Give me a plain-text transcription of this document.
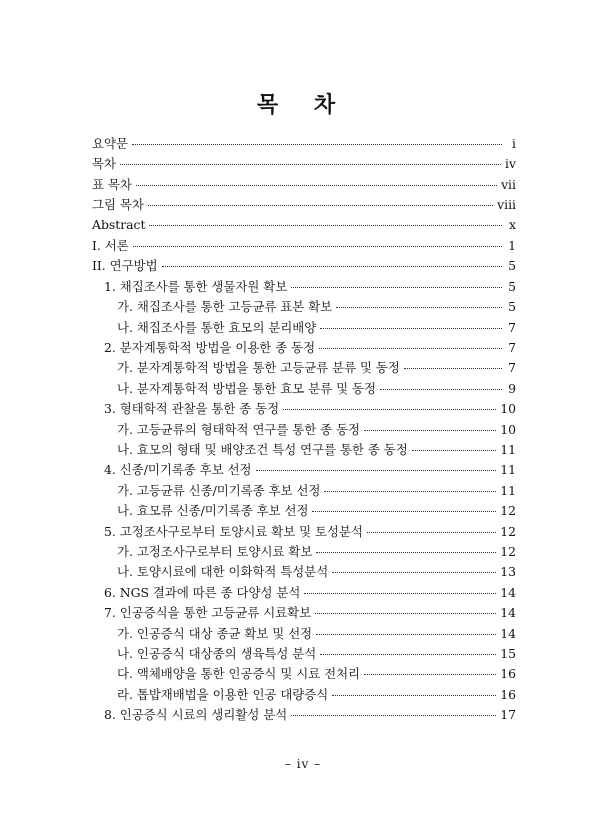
목 차
요약문	i
목차	iv
표 목차	vii
그림 목차	viii
Abstract	x
I. 서론	1
II. 연구방법	5
1. 채집조사를 통한 생물자원 확보	5
가. 채집조사를 통한 고등균류 표본 확보	5
나. 채집조사를 통한 효모의 분리배양	7
2. 분자계통학적 방법을 이용한 종 동정	7
가. 분자계통학적 방법을 통한 고등균류 분류 및 동정	7
나. 분자계통학적 방법을 통한 효모 분류 및 동정	9
3. 형태학적 관찰을 통한 종 동정	10
가. 고등균류의 형태학적 연구를 통한 종 동정	10
나. 효모의 형태 및 배양조건 특성 연구를 통한 종 동정	11
4. 신종/미기록종 후보 선정	11
가. 고등균류 신종/미기록종 후보 선정	11
나. 효모류 신종/미기록종 후보 선정	12
5. 고정조사구로부터 토양시료 확보 및 토성분석	12
가. 고정조사구로부터 토양시료 확보	12
나. 토양시료에 대한 이화학적 특성분석	13
6. NGS 결과에 따른 종 다양성 분석	14
7. 인공증식을 통한 고등균류 시료확보	14
가. 인공증식 대상 종균 확보 및 선정	14
나. 인공증식 대상종의 생육특성 분석	15
다. 액체배양을 통한 인공증식 및 시료 전처리	16
라. 톱밥재배법을 이용한 인공 대량증식	16
8. 인공증식 시료의 생리활성 분석	17
– iv –
